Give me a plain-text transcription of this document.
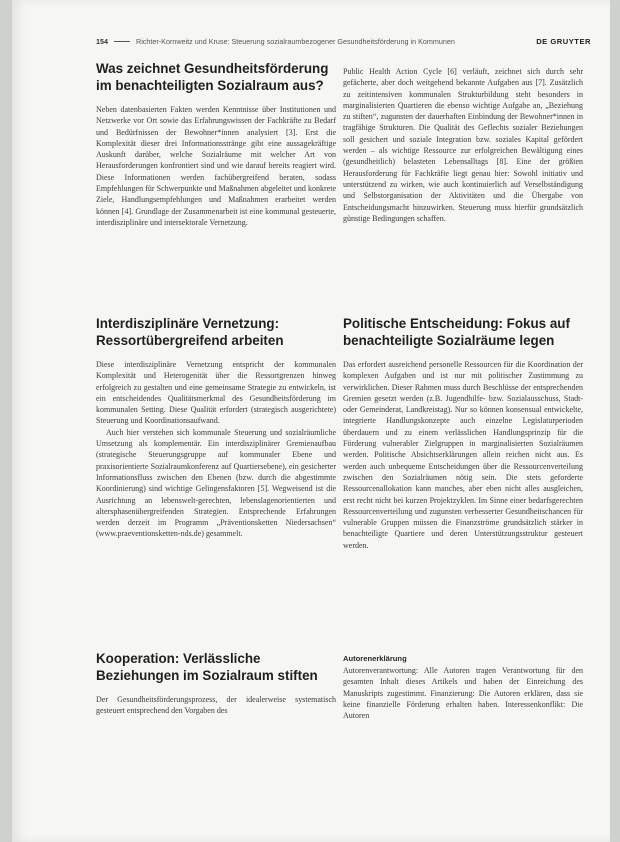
154	Richter-Kornweitz und Kruse: Steuerung sozialraumbezogener Gesundheitsförderung in Kommunen	DE GRUYTER
Was zeichnet Gesundheitsförderung im benachteiligten Sozialraum aus?

Neben datenbasierten Fakten werden Kenntnisse über Institutionen und Netzwerke vor Ort sowie das Erfahrungswissen der Fachkräfte zu Bedarf und Bedürfnissen der Bewohner*innen analysiert [3]. Erst die Komplexität dieser drei Informationsstränge gibt eine aussagekräftige Auskunft darüber, welche Sozialräume mit welcher Art von Herausforderungen konfrontiert sind und wie darauf bereits reagiert wird. Diese Informationen werden fachübergreifend beraten, sodass Empfehlungen für Schwerpunkte und Maßnahmen abgeleitet und konkrete Ziele, Handlungsempfehlungen und Maßnahmen erarbeitet werden können [4]. Grundlage der Zusammenarbeit ist eine kommunal gesteuerte, interdisziplinäre und intersektorale Vernetzung.

Interdisziplinäre Vernetzung: Ressortübergreifend arbeiten

Diese interdisziplinäre Vernetzung entspricht der kommunalen Komplexität und Heterogenität über die Ressortgrenzen hinweg erfolgreich zu gestalten und eine gemeinsame Strategie zu entwickeln, ist ein entscheidendes Qualitätsmerkmal des Gesundheitsförderung im kommunalen Setting. Diese Qualität erfordert (strategisch ausgerichtete) Steuerung und Koordinationsaufwand.

Auch hier verstehen sich kommunale Steuerung und sozialräumliche Umsetzung als komplementär. Ein interdisziplinärer Gremienaufbau (strategische Steuerungsgruppe auf kommunaler Ebene und praxisorientierte Sozialraumkonferenz auf Quartiersebene), ein gesicherter Informationsfluss zwischen den Ebenen (bzw. durch die abgestimmte Koordinierung) sind wichtige Gelingensfaktoren [5]. Wegweisend ist die Ausrichtung an lebenswelt-gerechten, lebenslagenorientierten und altersphasenübergreifenden Strategien. Entsprechende Erfahrungen werden derzeit im Programm „Präventionsketten Niedersachsen“ (www.praeventionsketten-nds.de) gesammelt.

Kooperation: Verlässliche Beziehungen im Sozialraum stiften

Der Gesundheitsförderungsprozess, der idealerweise systematisch gesteuert entsprechend den Vorgaben des

Public Health Action Cycle [6] verläuft, zeichnet sich durch sehr gefächerte, aber doch weitgehend bekannte Aufgaben aus [7]. Zusätzlich zu zeitintensiven kommunalen Strukturbildung steht besonders in marginalisierten Quartieren die ebenso wichtige Aufgabe an, „Beziehung zu stiften“, zugunsten der dauerhaften Einbindung der Bewohner*innen in tragfähige Strukturen. Die Qualität des Geflechts sozialer Beziehungen soll gesichert und soziale Integration bzw. soziales Kapital gefördert werden – als wichtige Ressource zur erfolgreichen Bewältigung eines (gesundheitlich) belasteten Lebensalltags [8]. Eine der größten Herausforderung für Fachkräfte liegt genau hier: Sowohl initiativ und unterstützend zu wirken, wie auch kontinuierlich auf Verselbständigung und Selbstorganisation der Aktivitäten und die Übergabe von Entscheidungsmacht hinzuwirken. Steuerung muss hierfür grundsätzlich günstige Bedingungen schaffen.

Politische Entscheidung: Fokus auf benachteiligte Sozialräume legen

Das erfordert ausreichend personelle Ressourcen für die Koordination der komplexen Aufgaben und ist nur mit politischer Zustimmung zu verwirklichen. Dieser Rahmen muss durch Beschlüsse der entsprechenden Gremien gesetzt werden (z.B. Jugendhilfe- bzw. Sozialausschuss, Stadt- oder Gemeinderat, Landkreistag). Nur so können konsensual entwickelte, integrierte Handlungskonzepte auch einzelne Legislaturperioden überdauern und zu einem verlässlichen Handlungsprinzip für die Förderung vulnerabler Zielgruppen in marginalisierten Sozialräumen werden. Politische Absichtserklärungen allein reichen nicht aus. Es werden auch unbequeme Entscheidungen über die Ressourcenverteilung zwischen den Sozialräumen nötig sein. Die stets geforderte Ressourcenallokation kann manches, aber eben nicht alles ausgleichen, erst recht nicht bei kurzen Projektzyklen. Im Sinne einer bedarfsgerechten Ressourcenverteilung und zugunsten verbesserter Gesundheitschancen für vulnerable Gruppen müssen die Finanzströme grundsätzlich stärker in benachteiligte Quartiere und deren Unterstützungsstruktur gesteuert werden.

Autorenerklärung

Autorenverantwortung: Alle Autoren tragen Verantwortung für den gesamten Inhalt dieses Artikels und haben der Einreichung des Manuskripts zugestimmt. Finanzierung: Die Autoren erklären, dass sie keine finanzielle Förderung erhalten haben. Interessenkonflikt: Die Autoren
